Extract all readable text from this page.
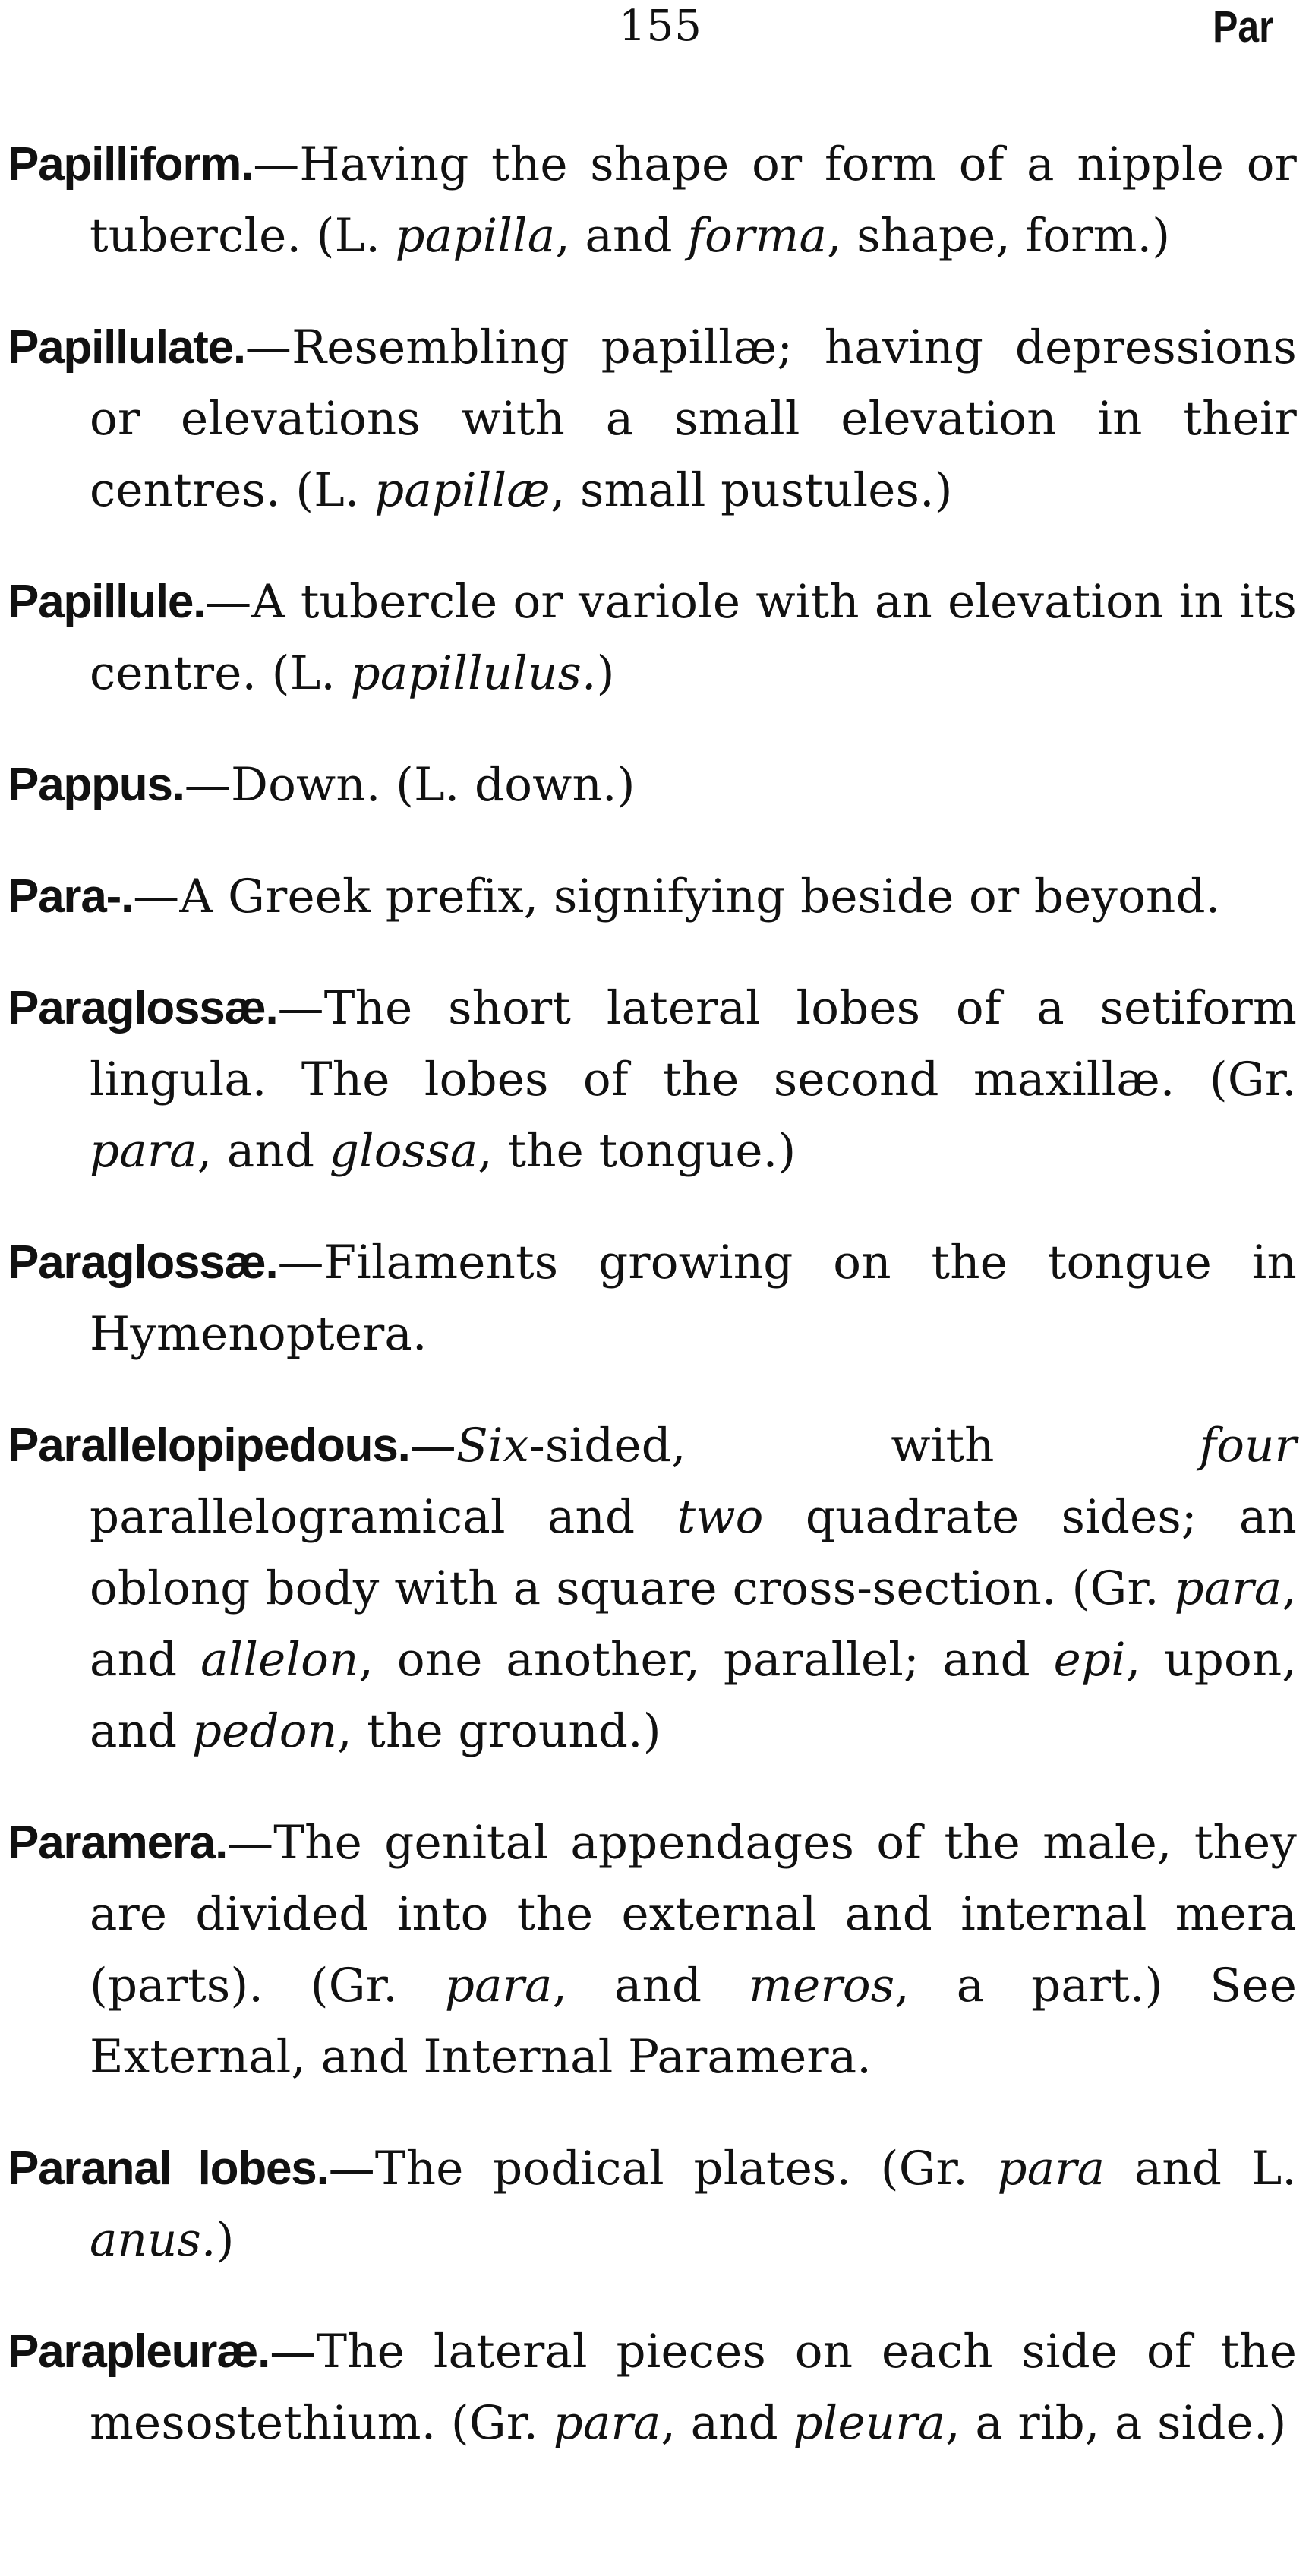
155	Par

Papilliform.—Having the shape or form of a nipple or tubercle. (L. papilla, and forma, shape, form.)

Papillulate.—Resembling papillæ; having depressions or elevations with a small elevation in their centres. (L. papillæ, small pustules.)

Papillule.—A tubercle or variole with an elevation in its centre. (L. papillulus.)

Pappus.—Down. (L. down.)

Para-.—A Greek prefix, signifying beside or beyond.

Paraglossæ.—The short lateral lobes of a setiform lingula. The lobes of the second maxillæ. (Gr. para, and glossa, the tongue.)

Paraglossæ.—Filaments growing on the tongue in Hymenoptera.

Parallelopipedous.—Six-sided, with four parallelogramical and two quadrate sides; an oblong body with a square cross-section. (Gr. para, and allelon, one another, parallel; and epi, upon, and pedon, the ground.)

Paramera.—The genital appendages of the male, they are divided into the external and internal mera (parts). (Gr. para, and meros, a part.) See External, and Internal Paramera.

Paranal lobes.—The podical plates. (Gr. para and L. anus.)

Parapleuræ.—The lateral pieces on each side of the mesostethium. (Gr. para, and pleura, a rib, a side.)
